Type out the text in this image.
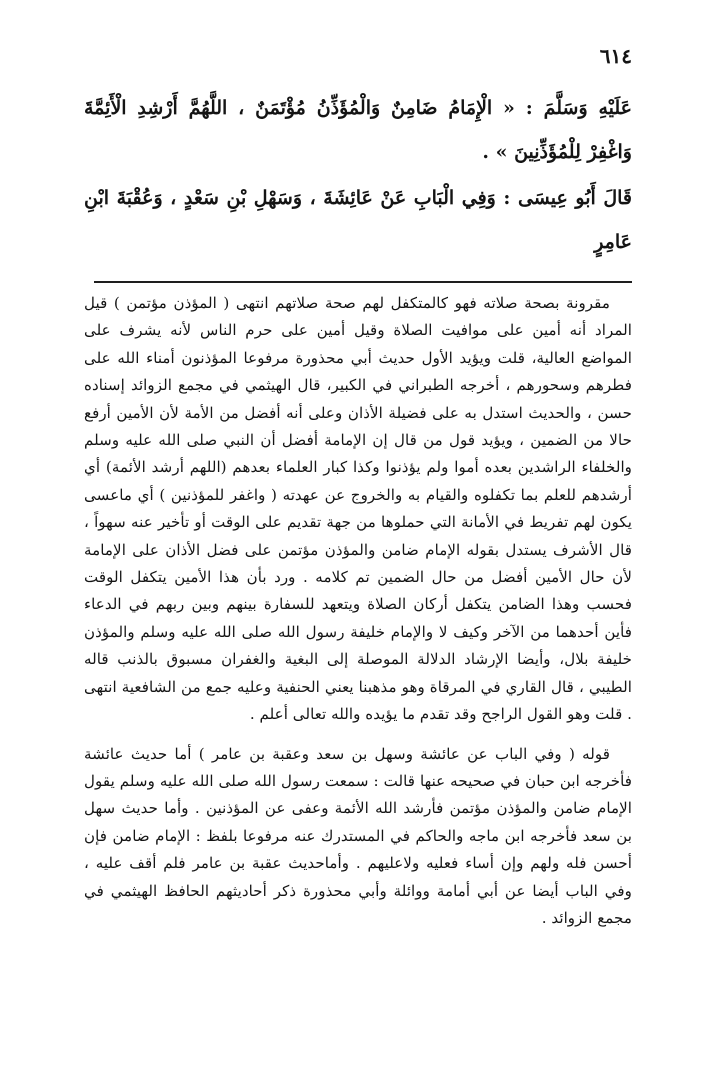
٦١٤

عَلَيْهِ وَسَلَّمَ : « الْإِمَامُ ضَامِنٌ وَالْمُؤَذِّنُ مُؤْتَمَنٌ ، اللَّهُمَّ أَرْشِدِ الْأَئِمَّةَ وَاغْفِرْ لِلْمُؤَذِّنِينَ » .

قَالَ أَبُو عِيسَى : وَفِي الْبَابِ عَنْ عَائِشَةَ ، وَسَهْلِ بْنِ سَعْدٍ ، وَعُقْبَةَ ابْنِ عَامِرٍ

مقرونة بصحة صلاته فهو كالمتكفل لهم صحة صلاتهم انتهى ( المؤذن مؤتمن ) قيل المراد أنه أمين على موافيت الصلاة وقيل أمين على حرم الناس لأنه يشرف على المواضع العالية، قلت ويؤيد الأول حديث أبي محذورة مرفوعا المؤذنون أمناء الله على فطرهم وسحورهم ، أخرجه الطبراني في الكبير، قال الهيثمي في مجمع الزوائد إسناده حسن ، والحديث استدل به على فضيلة الأذان وعلى أنه أفضل من الأمة لأن الأمين أرفع حالا من الضمين ، ويؤيد قول من قال إن الإمامة أفضل أن النبي صلى الله عليه وسلم والخلفاء الراشدين بعده أموا ولم يؤذنوا وكذا كبار العلماء بعدهم (اللهم أرشد الأئمة) أي أرشدهم للعلم بما تكفلوه والقيام به والخروج عن عهدته ( واغفر للمؤذنين ) أي ماعسى يكون لهم تفريط في الأمانة التي حملوها من جهة تقديم على الوقت أو تأخير عنه سهواً ، قال الأشرف يستدل بقوله الإمام ضامن والمؤذن مؤتمن على فضل الأذان على الإمامة لأن حال الأمين أفضل من حال الضمين تم كلامه . ورد بأن هذا الأمين يتكفل الوقت فحسب وهذا الضامن يتكفل أركان الصلاة ويتعهد للسفارة بينهم وبين ربهم في الدعاء فأين أحدهما من الآخر وكيف لا والإمام خليفة رسول الله صلى الله عليه وسلم والمؤذن خليفة بلال، وأيضا الإرشاد الدلالة الموصلة إلى البغية والغفران مسبوق بالذنب قاله الطيبي ، قال القاري في المرقاة وهو مذهبنا يعني الحنفية وعليه جمع من الشافعية انتهى . قلت وهو القول الراجح وقد تقدم ما يؤيده والله تعالى أعلم .

قوله ( وفي الباب عن عائشة وسهل بن سعد وعقبة بن عامر ) أما حديث عائشة فأخرجه ابن حبان في صحيحه عنها قالت : سمعت رسول الله صلى الله عليه وسلم يقول الإمام ضامن والمؤذن مؤتمن فأرشد الله الأئمة وعفى عن المؤذنين . وأما حديث سهل بن سعد فأخرجه ابن ماجه والحاكم في المستدرك عنه مرفوعا بلفظ : الإمام ضامن فإن أحسن فله ولهم وإن أساء فعليه ولاعليهم . وأماحديث عقبة بن عامر فلم أقف عليه ، وفي الباب أيضا عن أبي أمامة ووائلة وأبي محذورة ذكر أحاديثهم الحافظ الهيثمي في مجمع الزوائد .
